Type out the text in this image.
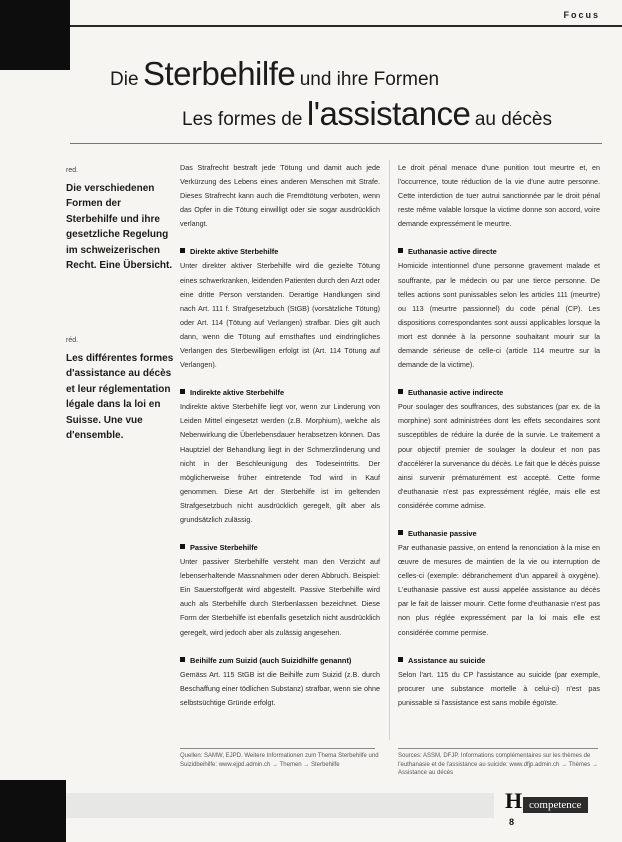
Focus
Die Sterbehilfe und ihre Formen
Les formes de l'assistance au décès
red.
Die verschiedenen Formen der Sterbehilfe und ihre gesetzliche Regelung im schweizerischen Recht. Eine Übersicht.
réd.
Les différentes formes d'assistance au décès et leur réglementation légale dans la loi en Suisse. Une vue d'ensemble.

Das Strafrecht bestraft jede Tötung und damit auch jede Verkürzung des Lebens eines anderen Menschen mit Strafe. Dieses Strafrecht kann auch die Fremdtötung verboten, wenn das Opfer in die Tötung einwilligt oder sie sogar ausdrücklich verlangt.

Direkte aktive Sterbehilfe

Unter direkter aktiver Sterbehilfe wird die gezielte Tötung eines schwerkranken, leidenden Patienten durch den Arzt oder eine dritte Person verstanden. Derartige Handlungen sind nach Art. 111 f. Strafgesetzbuch (StGB) (vorsätzliche Tötung) oder Art. 114 (Tötung auf Verlangen) strafbar. Dies gilt auch dann, wenn die Tötung auf ernsthaftes und eindringliches Verlangen des Sterbewilligen erfolgt ist (Art. 114 Tötung auf Verlangen).

Indirekte aktive Sterbehilfe

Indirekte aktive Sterbehilfe liegt vor, wenn zur Linderung von Leiden Mittel eingesetzt werden (z.B. Morphium), welche als Nebenwirkung die Überlebensdauer herabsetzen können. Das Hauptziel der Behandlung liegt in der Schmerzlinderung und nicht in der Beschleunigung des Todeseintritts. Der möglicherweise früher eintretende Tod wird in Kauf genommen. Diese Art der Sterbehilfe ist im geltenden Strafgesetzbuch nicht ausdrücklich geregelt, gilt aber als grundsätzlich zulässig.

Passive Sterbehilfe

Unter passiver Sterbehilfe versteht man den Verzicht auf lebenserhaltende Massnahmen oder deren Abbruch. Beispiel: Ein Sauerstoffgerät wird abgestellt. Passive Sterbehilfe wird auch als Sterbehilfe durch Sterbenlassen bezeichnet. Diese Form der Sterbehilfe ist ebenfalls gesetzlich nicht ausdrücklich geregelt, wird jedoch aber als zulässig angesehen.

Beihilfe zum Suizid (auch Suizidhilfe genannt)

Gemäss Art. 115 StGB ist die Beihilfe zum Suizid (z.B. durch Beschaffung einer tödlichen Substanz) strafbar, wenn sie ohne selbstsüchtige Gründe erfolgt.

Le droit pénal menace d'une punition tout meurtre et, en l'occurrence, toute réduction de la vie d'une autre personne. Cette interdiction de tuer autrui sanctionnée par le droit pénal reste même valable lorsque la victime donne son accord, voire demande expressément le meurtre.

Euthanasie active directe

Homicide intentionnel d'une personne gravement malade et souffrante, par le médecin ou par une tierce personne. De telles actions sont punissables selon les articles 111 (meurtre) ou 113 (meurtre passionnel) du code pénal (CP). Les dispositions correspondantes sont aussi applicables lorsque la mort est donnée à la personne souhaitant mourir sur la demande sérieuse de celle-ci (article 114 meurtre sur la demande de la victime).

Euthanasie active indirecte

Pour soulager des souffrances, des substances (par ex. de la morphine) sont administrées dont les effets secondaires sont susceptibles de réduire la durée de la survie. Le traitement a pour objectif premier de soulager la douleur et non pas d'accélérer la survenance du décès. Le fait que le décès puisse ainsi survenir prématurément est accepté. Cette forme d'euthanasie n'est pas expressément réglée, mais elle est considérée comme admise.

Euthanasie passive

Par euthanasie passive, on entend la renonciation à la mise en œuvre de mesures de maintien de la vie ou interruption de celles-ci (exemple: débranchement d'un appareil à oxygène). L'euthanasie passive est aussi appelée assistance au décès par le fait de laisser mourir. Cette forme d'euthanasie n'est pas non plus réglée expressément par la loi mais elle est considérée comme permise.

Assistance au suicide

Selon l'art. 115 du CP l'assistance au suicide (par exemple, procurer une substance mortelle à celui-ci) n'est pas punissable si l'assistance est sans mobile égoïste.

Quellen: SAMW, EJPD. Weitere Informationen zum Thema Sterbehilfe und Suizidbeihilfe: www.ejpd.admin.ch → Themen → Sterbehilfe
Sources: ASSM, DFJP. Informations complémentaires sur les thèmes de l'euthanasie et de l'assistance au suicide: www.dfjp.admin.ch → Thèmes → Assistance au décès
H competence
8
